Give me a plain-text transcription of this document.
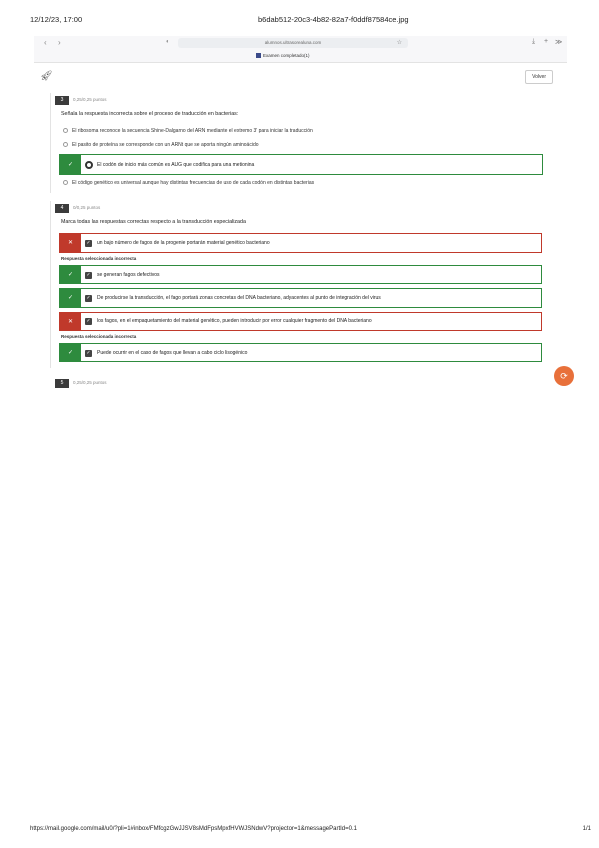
12/12/23, 17:00	b6dab512-20c3-4b82-82a7-f0ddf87584ce.jpg
‹ ›	◐	alumnos.ultrasorealuna.com	☆	⤓ + ≫
Examen completado(1)
🚀︎	Volver
3	0,25/0,25 puntos
Señala la respuesta incorrecta sobre el proceso de traducción en bacterias:
El ribosoma reconoce la secuencia Shine-Dalgarno del ARN mediante el extremo 3' para iniciar la traducción
El pasito de proteína se corresponde con un ARNt que se aporta ningún aminoácido
✓	El codón de inicio más común es AUG que codifica para una metionina
El código genético es universal aunque hay distintas frecuencias de uso de cada codón en distintas bacterias
4	0/0,25 puntos
Marca todas las respuestas correctas respecto a la transducción especializada
✕	✓ un bajo número de fagos de la progenie portarán material genético bacteriano
Respuesta seleccionada incorrecta
✓	✓ se generan fagos defectivos
✓	✓ De producirse la transducción, el fago portará zonas concretas del DNA bacteriano, adyacentes al punto de integración del virus
✕	✓ los fagos, en el empaquetamiento del material genético, pueden introducir por error cualquier fragmento del DNA bacteriano
Respuesta seleccionada incorrecta
✓	✓ Puede ocurrir en el caso de fagos que llevan a cabo ciclo lisogénico
5	0,25/0,25 puntos
⟳
https://mail.google.com/mail/u0/?pli=1#inbox/FMfcgzGwJJSV8sMdFpsMpxfHVWJSNdwV?projector=1&messagePartId=0.1	1/1
